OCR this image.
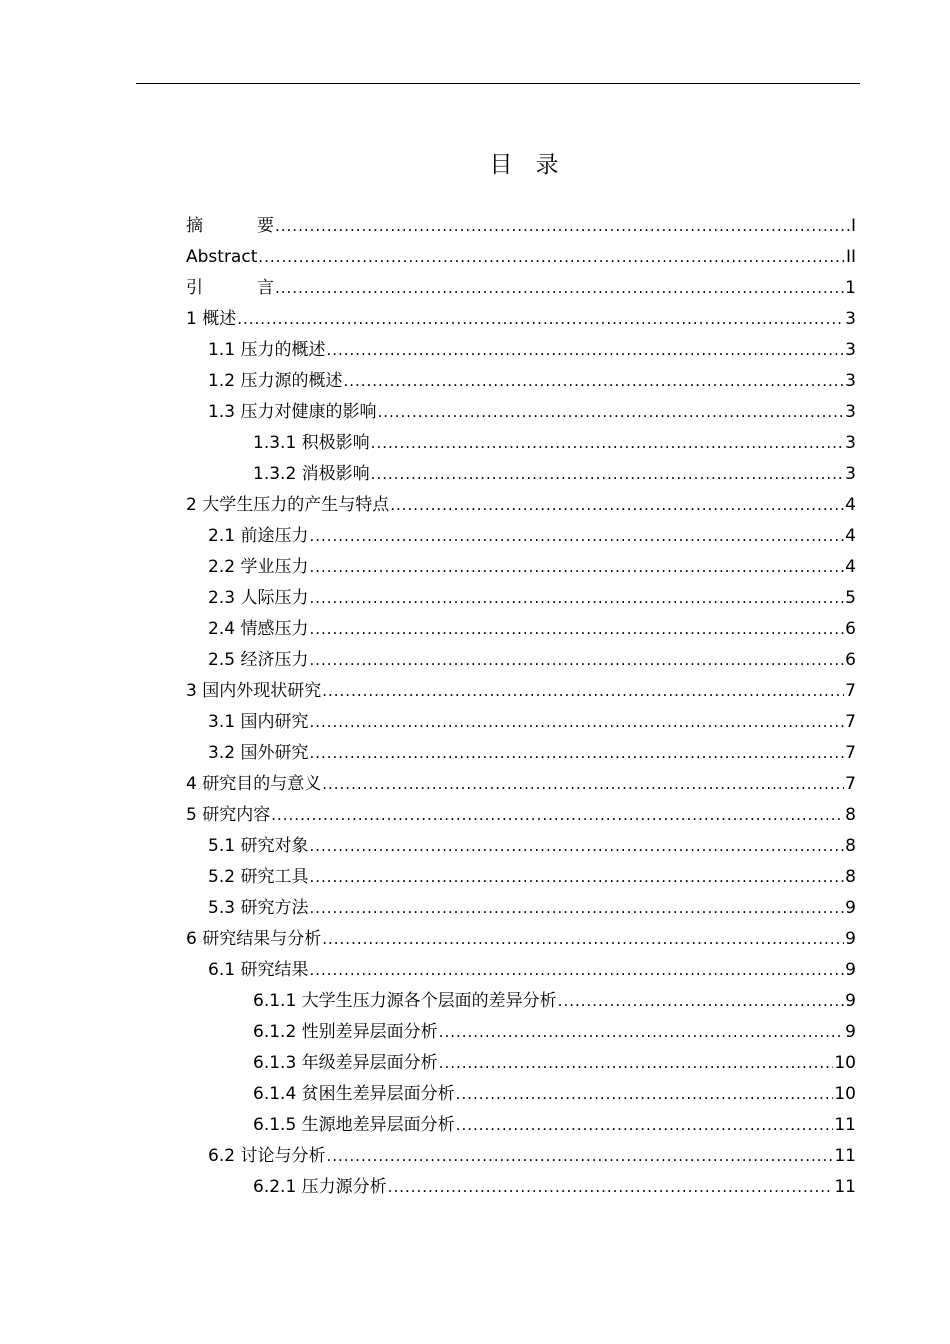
目　录
摘　　要 .....	I
Abstract .....	II
引　　言 .....	1
1 概述 .....	3
1.1 压力的概述 .....	3
1.2 压力源的概述 .....	3
1.3 压力对健康的影响 .....	3
1.3.1 积极影响 .....	3
1.3.2 消极影响 .....	3
2 大学生压力的产生与特点 .....	4
2.1 前途压力 .....	4
2.2 学业压力 .....	4
2.3 人际压力 .....	5
2.4 情感压力 .....	6
2.5 经济压力 .....	6
3 国内外现状研究 .....	7
3.1 国内研究 .....	7
3.2 国外研究 .....	7
4 研究目的与意义 .....	7
5 研究内容 .....	8
5.1 研究对象 .....	8
5.2 研究工具 .....	8
5.3 研究方法 .....	9
6 研究结果与分析 .....	9
6.1 研究结果 .....	9
6.1.1 大学生压力源各个层面的差异分析 .....	9
6.1.2 性别差异层面分析 .....	9
6.1.3 年级差异层面分析 .....	10
6.1.4 贫困生差异层面分析 .....	10
6.1.5 生源地差异层面分析 .....	11
6.2 讨论与分析 .....	11
6.2.1 压力源分析 .....	11
